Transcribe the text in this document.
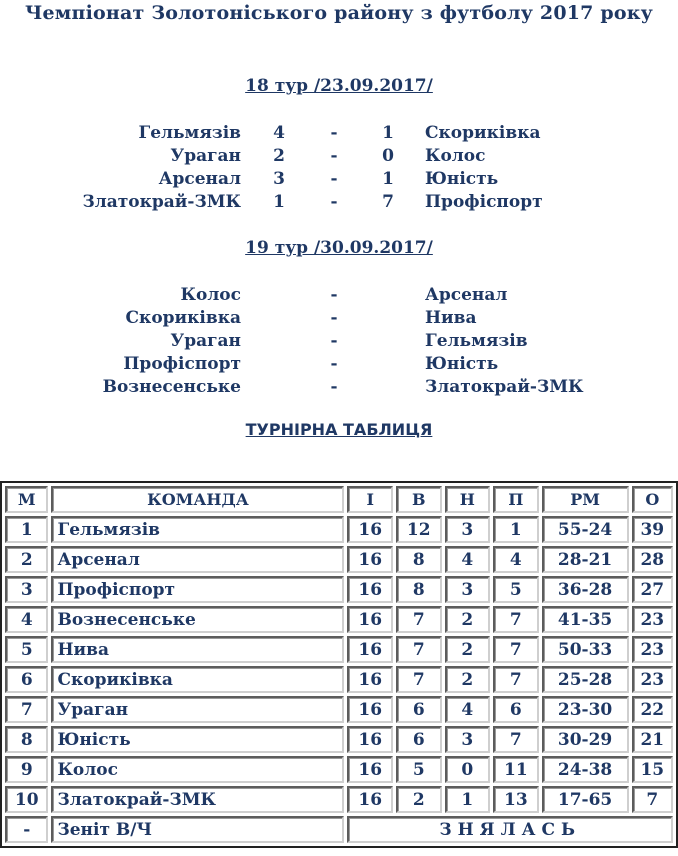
Чемпіонат Золотоніського району з футболу 2017 року
18 тур /23.09.2017/
Гельмязів 4	-	1 Скориківка
Ураган 2	-	0 Колос
Арсенал 3	-	1 Юність
Златокрай-ЗМК 1	-	7 Профіспорт
19 тур /30.09.2017/
Колос	-	Арсенал
Скориківка	-	Нива
Ураган	-	Гельмязів
Профіспорт	-	Юність
Вознесенське	-	Златокрай-ЗМК
ТУРНІРНА ТАБЛИЦЯ
М	КОМАНДА	І	В	Н	П	РМ	О
1	Гельмязів	16	12	3	1	55-24	39
2	Арсенал	16	8	4	4	28-21	28
3	Профіспорт	16	8	3	5	36-28	27
4	Вознесенське	16	7	2	7	41-35	23
5	Нива	16	7	2	7	50-33	23
6	Скориківка	16	7	2	7	25-28	23
7	Ураган	16	6	4	6	23-30	22
8	Юність	16	6	3	7	30-29	21
9	Колос	16	5	0	11	24-38	15
10	Златокрай-ЗМК	16	2	1	13	17-65	7
-	Зеніт В/Ч	ЗНЯЛАСЬ					
